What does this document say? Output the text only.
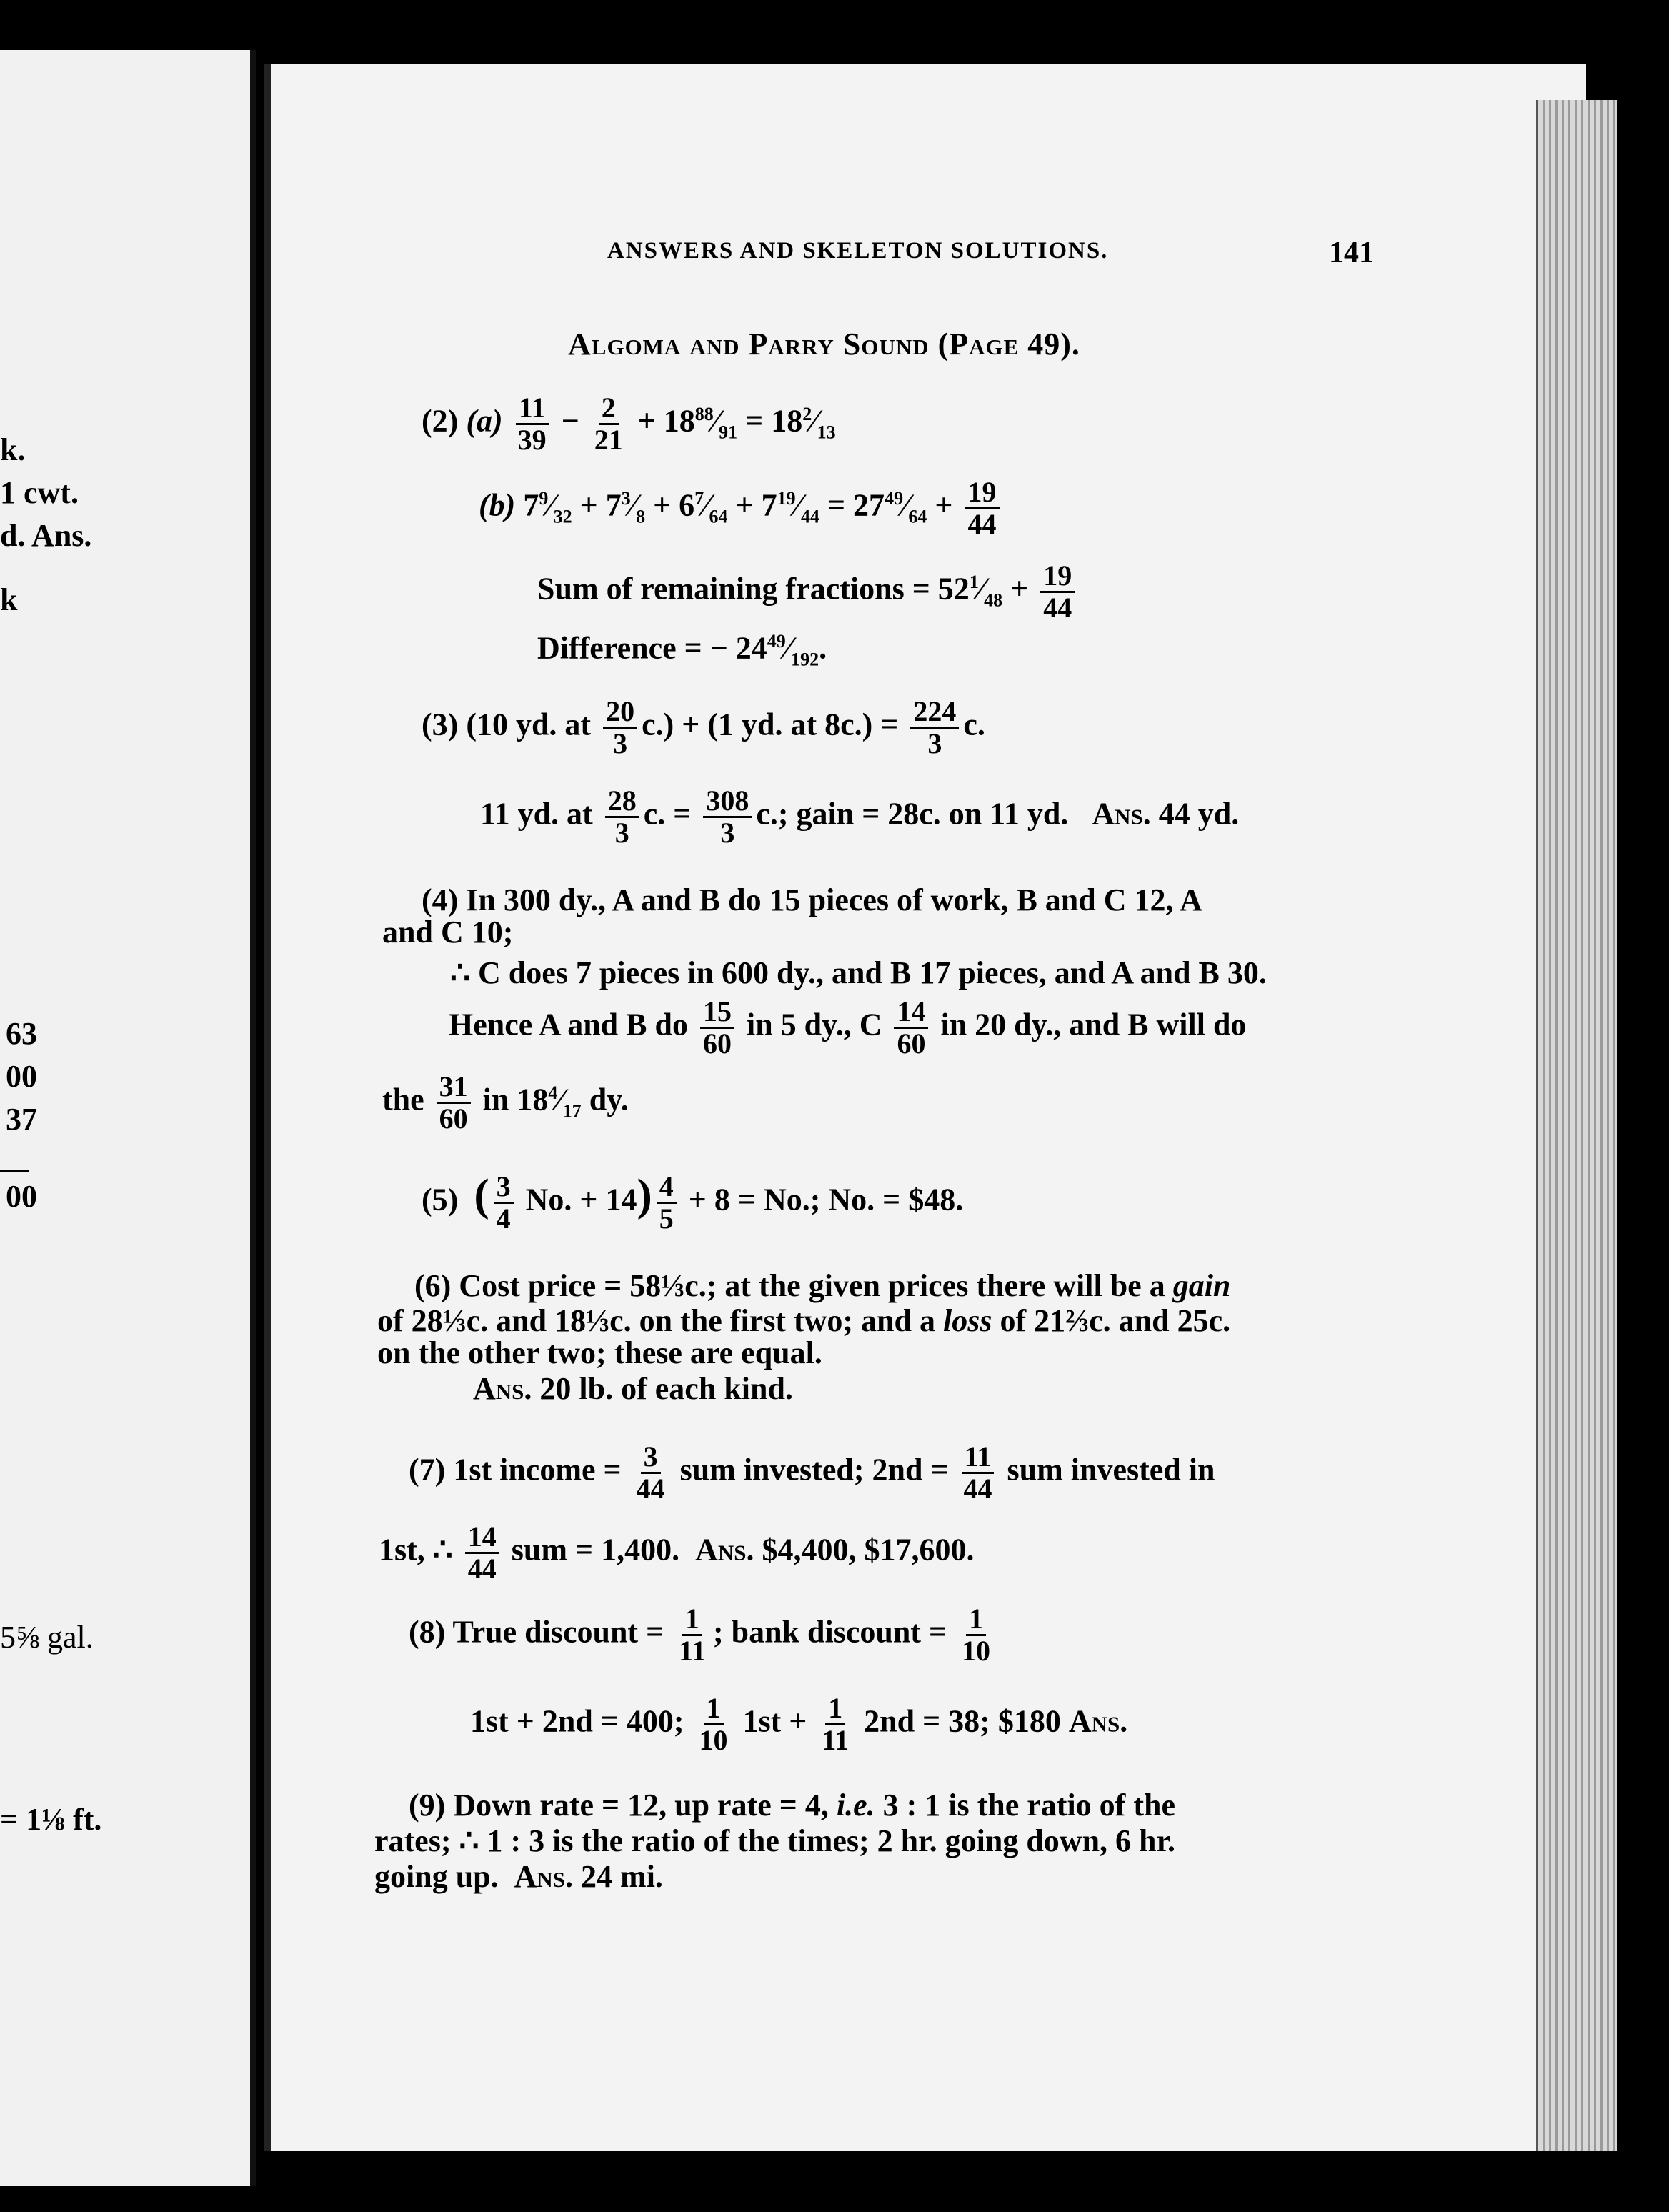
k.
1 cwt.
d. Ans.
k
63
00
37
00
5⅝ gal.
= 1⅛ ft.
ANSWERS AND SKELETON SOLUTIONS.	141
Algoma and Parry Sound (Page 49).
(2) $(a) \frac{11}{39} - \frac{2}{21}$ + $18^{88}⁄_{91}$ = $18^2⁄_{13}$
(b) $7^9⁄_{32}$ + $7^3⁄_8$ + $6^7⁄_{64}$ + $7^{19}⁄_{44}$ = $27^{49}⁄_{64} + \frac{19}{44}$
Sum of remaining fractions = $52^1⁄_{48} + \frac{19}{44}$
Difference = − $24^{49}⁄_{192}$.
(3) (10 yd. at $\frac{20}{3} c.) + (1$ yd. at $8c.) = \frac{224}{3} c$.
11 yd. at $\frac{28}{3} c$. = $\frac{308}{3} c$.; gain = 28c. on 11 yd. Ans. 44 yd.
(4) In 300 dy., A and B do 15 pieces of work, B and C 12, A
and C 10;
∴ C does 7 pieces in 600 dy., and B 17 pieces, and A and B 30.
Hence A and B do $\frac{15}{60}$ in 5 dy., C $\frac{14}{60}$ in 20 dy., and B will do
the $\frac{31}{60}$ in $18^4⁄_{17}$ dy.
(5) ( $\frac{3}{4} No$. + $14) \frac{4}{5} + 8 = No$.; No. = $48.
(6) Cost price = 58⅓c.; at the given prices there will be a gain
of 28⅓c. and 18⅓c. on the first two; and a loss of 21⅔c. and 25c.
on the other two; these are equal.
Ans. 20 lb. of each kind.
(7) 1st income = $\frac{3}{44}$ sum invested; $2nd = \frac{11}{44}$ sum invested in
1st, ∴ $\frac{14}{44}$ sum = 1,400. Ans. $4,400, $17,600.
(8) True discount = $\frac{1}{11}$ ; bank discount = $\frac{1}{10}$
1st + 2nd = 400; $\frac{1}{10} 1st + \frac{1}{11} 2nd = 38$; $180 Ans.
(9) Down rate = 12, up rate = 4, i.e. 3 : 1 is the ratio of the
rates; ∴ 1 : 3 is the ratio of the times; 2 hr. going down, 6 hr.
going up. Ans. 24 mi.
